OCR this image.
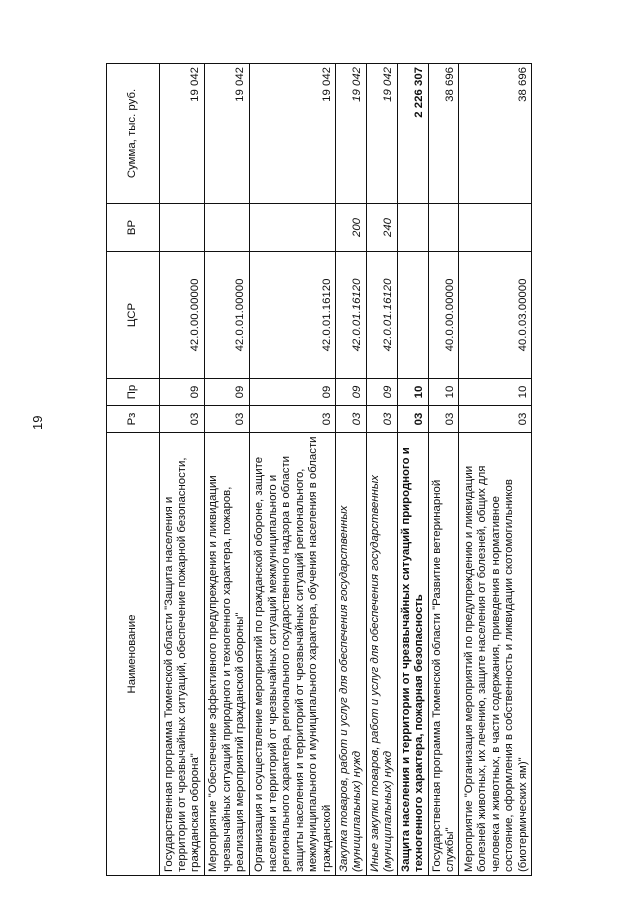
19
Наименование	Рз	Пр	ЦСР	ВР	Сумма, тыс. руб.
Государственная программа Тюменской области "Защита населения и территории от чрезвычайных ситуаций, обеспечение пожарной безопасности, гражданская оборона"	03	09	42.0.00.00000		19 042
Мероприятие "Обеспечение эффективного предупреждения и ликвидации чрезвычайных ситуаций природного и техногенного характера, пожаров, реализация мероприятий гражданской обороны"	03	09	42.0.01.00000		19 042
Организация и осуществление мероприятий по гражданской обороне, защите населения и территорий от чрезвычайных ситуаций межмуниципального и регионального характера, регионального государственного надзора в области защиты населения и территорий от чрезвычайных ситуаций регионального, межмуниципального и муниципального характера, обучения населения в области гражданской	03	09	42.0.01.16120		19 042
Закупка товаров, работ и услуг для обеспечения государственных (муниципальных) нужд	03	09	42.0.01.16120	200	19 042
Иные закупки товаров, работ и услуг для обеспечения государственных (муниципальных) нужд	03	09	42.0.01.16120	240	19 042
Защита населения и территории от чрезвычайных ситуаций природного и техногенного характера, пожарная безопасность	03	10			2 226 307
Государственная программа Тюменской области "Развитие ветеринарной службы"	03	10	40.0.00.00000		38 696
Мероприятие "Организация мероприятий по предупреждению и ликвидации болезней животных, их лечению, защите населения от болезней, общих для человека и животных, в части содержания, приведения в нормативное состояние, оформления в собственность и ликвидации скотомогильников (биотермических ям)"	03	10	40.0.03.00000		38 696
